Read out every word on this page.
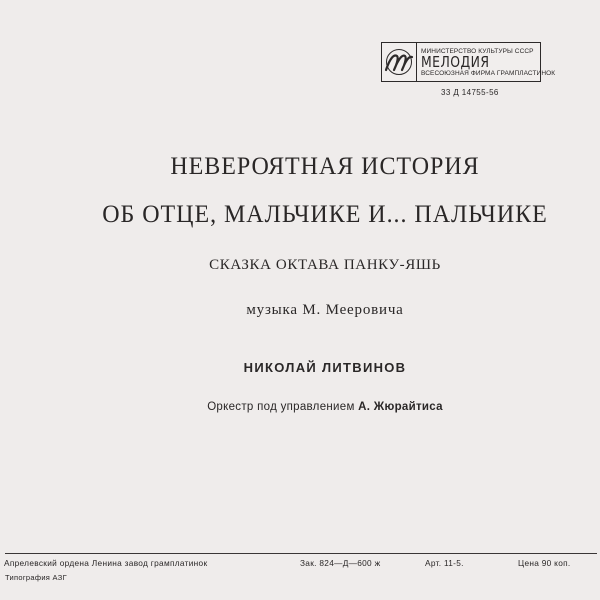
МИНИСТЕРСТВО КУЛЬТУРЫ СССР
МЕЛОДИЯ
ВСЕСОЮЗНАЯ ФИРМА ГРАМПЛАСТИНОК
33 Д 14755-56
НЕВЕРОЯТНАЯ ИСТОРИЯ
ОБ ОТЦЕ, МАЛЬЧИКЕ И... ПАЛЬЧИКЕ
СКАЗКА ОКТАВА ПАНКУ-ЯШЬ
музыка М. Мееровича
НИКОЛАЙ ЛИТВИНОВ
Оркестр под управлением А. Жюрайтиса
Апрелевский ордена Ленина завод грамплатинок	Зак. 824—Д—600 ж	Арт. 11-5.	Цена 90 коп.
Типография АЗГ
